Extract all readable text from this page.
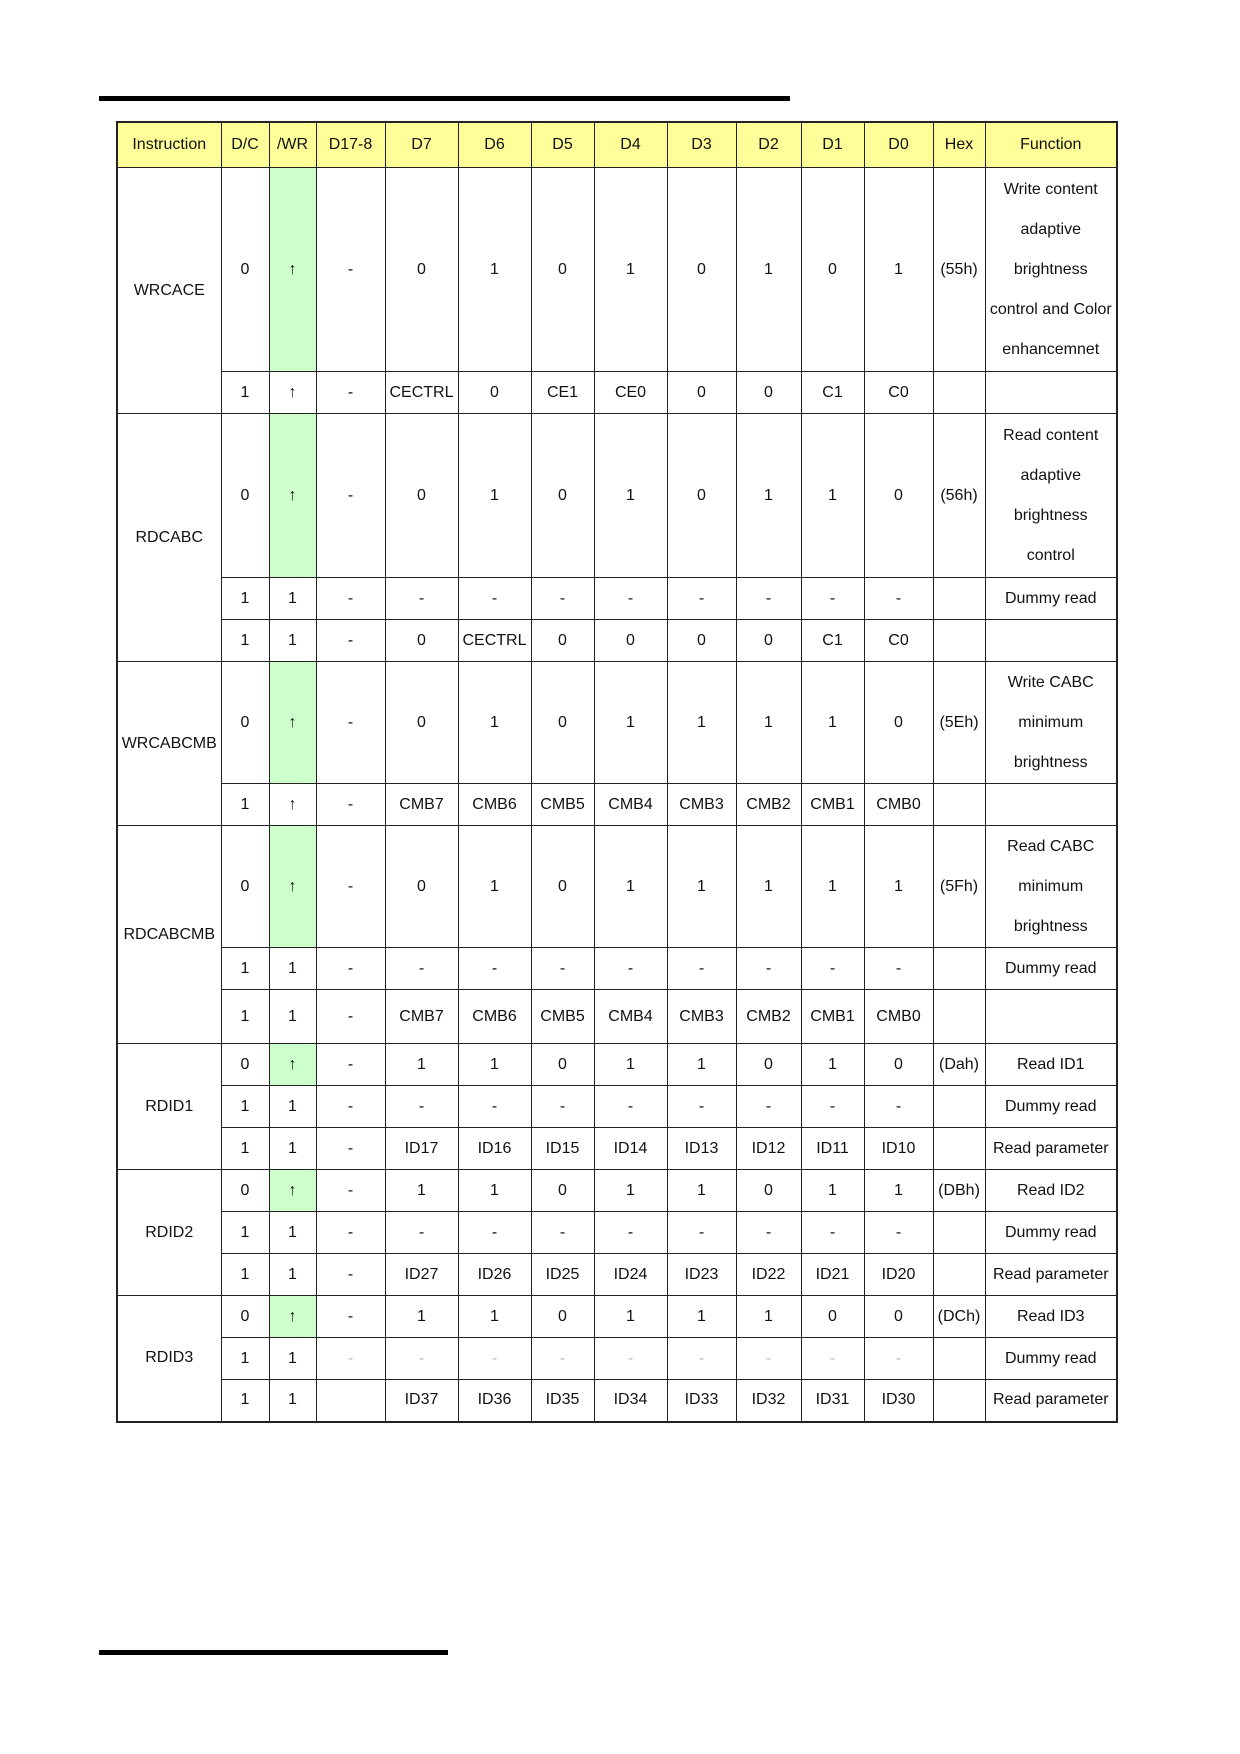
Instruction	D/C	/WR	D17-8	D7	D6	D5	D4	D3	D2	D1	D0	Hex	Function
WRCACE	0	↑	-	0	1	0	1	0	1	0	1	(55h)	Write content
adaptive
brightness
control and Color
enhancemnet

	1	↑	-	CECTRL	0	CE1	CE0	0	0	C1	C0		
RDCABC	0	↑	-	0	1	0	1	0	1	1	0	(56h)	Read content
adaptive
brightness
control

	1	1	-	-	-	-	-	-	-	-	-		Dummy read

	1	1	-	0	CECTRL	0	0	0	0	C1	C0		
WRCABCMB	0	↑	-	0	1	0	1	1	1	1	0	(5Eh)	Write CABC
minimum
brightness

	1	↑	-	CMB7	CMB6	CMB5	CMB4	CMB3	CMB2	CMB1	CMB0		
RDCABCMB	0	↑	-	0	1	0	1	1	1	1	1	(5Fh)	Read CABC
minimum
brightness

	1	1	-	-	-	-	-	-	-	-	-		Dummy read

	1	1	-	CMB7	CMB6	CMB5	CMB4	CMB3	CMB2	CMB1	CMB0		
RDID1	0	↑	-	1	1	0	1	1	0	1	0	(Dah)	Read ID1

	1	1	-	-	-	-	-	-	-	-	-		Dummy read

	1	1	-	ID17	ID16	ID15	ID14	ID13	ID12	ID11	ID10		Read parameter

RDID2	0	↑	-	1	1	0	1	1	0	1	1	(DBh)	Read ID2

	1	1	-	-	-	-	-	-	-	-	-		Dummy read

	1	1	-	ID27	ID26	ID25	ID24	ID23	ID22	ID21	ID20		Read parameter

RDID3	0	↑	-	1	1	0	1	1	1	0	0	(DCh)	Read ID3

	1	1	-	-	-	-	-	-	-	-	-		Dummy read

	1	1		ID37	ID36	ID35	ID34	ID33	ID32	ID31	ID30		Read parameter
